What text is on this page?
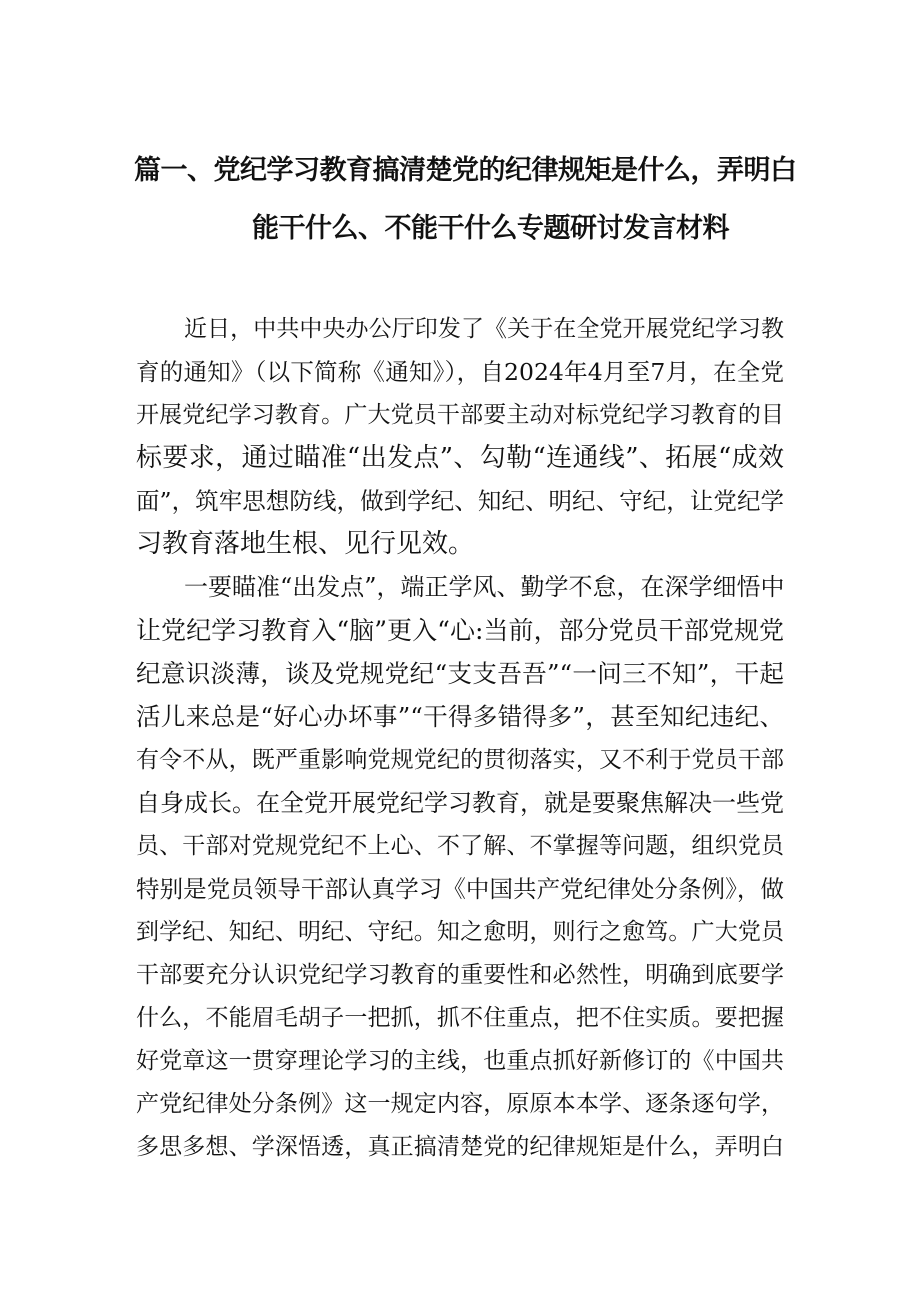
篇一、党纪学习教育搞清楚党的纪律规矩是什么，弄明白
能干什么、不能干什么专题研讨发言材料
近日，中共中央办公厅印发了《关于在全党开展党纪学习教
育的通知》（以下简称《通知》），自2024年4月至7月，在全党
开展党纪学习教育。广大党员干部要主动对标党纪学习教育的目
标要求，通过瞄准“出发点”、勾勒“连通线”、拓展“成效
面”，筑牢思想防线，做到学纪、知纪、明纪、守纪，让党纪学
习教育落地生根、见行见效。
一要瞄准“出发点”，端正学风、勤学不怠，在深学细悟中
让党纪学习教育入“脑”更入“心:当前，部分党员干部党规党
纪意识淡薄，谈及党规党纪“支支吾吾”“一问三不知”，干起
活儿来总是“好心办坏事”“干得多错得多”，甚至知纪违纪、
有令不从，既严重影响党规党纪的贯彻落实，又不利于党员干部
自身成长。在全党开展党纪学习教育，就是要聚焦解决一些党
员、干部对党规党纪不上心、不了解、不掌握等问题，组织党员
特别是党员领导干部认真学习《中国共产党纪律处分条例》，做
到学纪、知纪、明纪、守纪。知之愈明，则行之愈笃。广大党员
干部要充分认识党纪学习教育的重要性和必然性，明确到底要学
什么，不能眉毛胡子一把抓，抓不住重点，把不住实质。要把握
好党章这一贯穿理论学习的主线，也重点抓好新修订的《中国共
产党纪律处分条例》这一规定内容，原原本本学、逐条逐句学，
多思多想、学深悟透，真正搞清楚党的纪律规矩是什么，弄明白
